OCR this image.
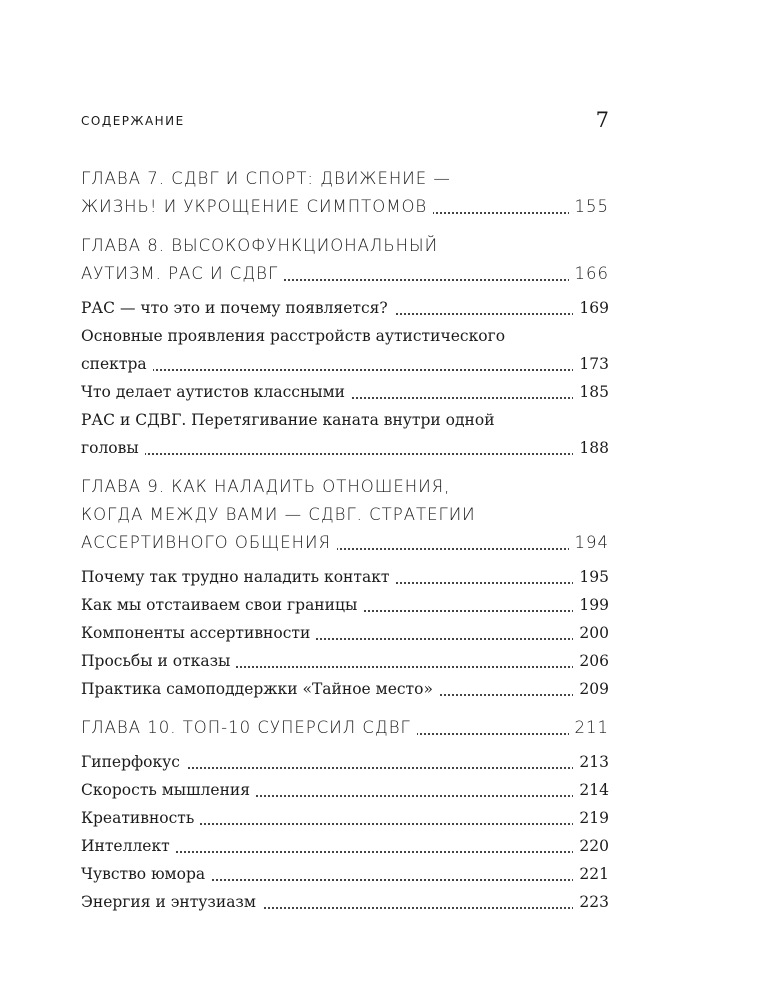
СОДЕРЖАНИЕ	7
ГЛАВА 7. СДВГ И СПОРТ: ДВИЖЕНИЕ —
ЖИЗНЬ! И УКРОЩЕНИЕ СИМПТОМОВ	155
ГЛАВА 8. ВЫСОКОФУНКЦИОНАЛЬНЫЙ
АУТИЗМ. РАС И СДВГ	166
РАС — что это и почему появляется?	169
Основные проявления расстройств аутистического
спектра	173
Что делает аутистов классными	185
РАС и СДВГ. Перетягивание каната внутри одной
головы	188
ГЛАВА 9. КАК НАЛАДИТЬ ОТНОШЕНИЯ,
КОГДА МЕЖДУ ВАМИ — СДВГ. СТРАТЕГИИ
АССЕРТИВНОГО ОБЩЕНИЯ	194
Почему так трудно наладить контакт	195
Как мы отстаиваем свои границы	199
Компоненты ассертивности	200
Просьбы и отказы	206
Практика самоподдержки «Тайное место»	209
ГЛАВА 10. ТОП-10 СУПЕРСИЛ СДВГ	211
Гиперфокус	213
Скорость мышления	214
Креативность	219
Интеллект	220
Чувство юмора	221
Энергия и энтузиазм	223
